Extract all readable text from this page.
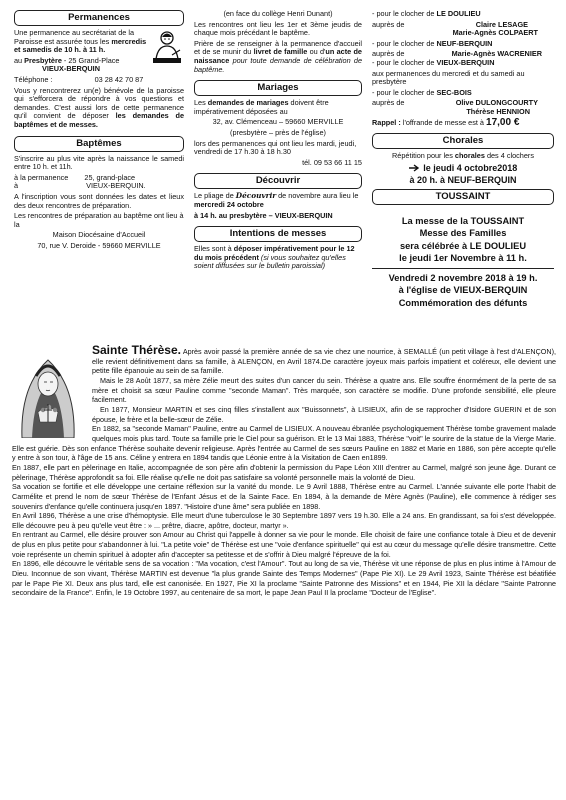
Permanences

Une permanence au secrétariat de la Paroisse est assurée tous les mercredis et samedis de 10 h. à 11 h.

au Presbytère - 25 Grand-Place
VIEUX-BERQUIN

Téléphone :	03 28 42 70 87

Vous y rencontrerez un(e) bénévole de la paroisse qui s'efforcera de répondre à vos questions et demandes. C'est aussi lors de cette permanence qu'il convient de déposer les demandes de baptêmes et de messes.

Baptêmes

S'inscrire au plus vite après la naissance le samedi entre 10 h. et 11h.

à la permanence 25, grand-place
à	VIEUX-BERQUIN.

A l'inscription vous sont données les dates et lieux des deux rencontres de préparation.

Les rencontres de préparation au baptême ont lieu à la

Maison Diocésaine d'Accueil

70, rue V. Deroide - 59660 MERVILLE

(en face du collège Henri Dunant)

Les rencontres ont lieu les 1er et 3ème jeudis de chaque mois précédant le baptême.

Prière de se renseigner à la permanence d'accueil et de se munir du livret de famille ou d'un acte de naissance pour toute demande de célébration de baptême.

Mariages

Les demandes de mariages doivent être impérativement déposées au

32, av. Clémenceau – 59660 MERVILLE

(presbytère – près de l'église)

lors des permanences qui ont lieu les mardi, jeudi, vendredi de 17 h.30 à 18 h.30

tél. 09 53 66 11 15

Découvrir

Le pliage de Découvrir de novembre aura lieu le mercredi 24 octobre

à 14 h. au presbytère – VIEUX-BERQUIN

Intentions de messes

Elles sont à déposer impérativement pour le 12 du mois précédent (si vous souhaitez qu'elles soient diffusées sur le bulletin paroissial)

- pour le clocher de LE DOULIEU

auprès de	Claire LESAGE

Marie-Agnès COLPAERT

- pour le clocher de NEUF-BERQUIN

auprès de	Marie-Agnès WACRENIER

- pour le clocher de VIEUX-BERQUIN

aux permanences du mercredi et du samedi au presbytère

- pour le clocher de SEC-BOIS

auprès de	Olive DULONGCOURTY

Thérèse HENNION

Rappel : l'offrande de messe est à 17,00 €

Chorales

Répétition pour les chorales des 4 clochers

le jeudi 4 octobre2018

à 20 h. à NEUF-BERQUIN

TOUSSAINT

La messe de la TOUSSAINT

Messe des Familles

sera célébrée à LE DOULIEU

le jeudi 1er Novembre à 11 h.

Vendredi 2 novembre 2018 à 19 h.

à l'église de VIEUX-BERQUIN

Commémoration des défunts

Sainte Thérèse. Après avoir passé la première année de sa vie chez une nourrice, à SEMALLÉ (un petit village à l'est d'ALENÇON), elle revient définitivement dans sa famille, à ALENÇON, en Avril 1874.De caractère joyeux mais parfois impatient et coléreux, elle devient une petite fille épanouie au sein de sa famille.

Mais le 28 Août 1877, sa mère Zélie meurt des suites d'un cancer du sein. Thérèse a quatre ans. Elle souffre énormément de la perte de sa mère et choisit sa sœur Pauline comme "seconde Maman". Très marquée, son caractère se modifie. D'une profonde sensibilité, elle pleure facilement.

En 1877, Monsieur MARTIN et ses cinq filles s'installent aux "Buissonnets", à LISIEUX, afin de se rapprocher d'Isidore GUERIN et de son épouse, le frère et la belle-sœur de Zélie.

En 1882, sa "seconde Maman" Pauline, entre au Carmel de LISIEUX. A nouveau ébranlée psychologiquement Thérèse tombe gravement malade quelques mois plus tard. Toute sa famille prie le Ciel pour sa guérison. Et le 13 Mai 1883, Thérèse "voit" le sourire de la statue de la Vierge Marie. Elle est guérie. Dès son enfance Thérèse souhaite devenir religieuse. Après l'entrée au Carmel de ses sœurs Pauline en 1882 et Marie en 1886, son père accepte qu'elle y entre à son tour, à l'âge de 15 ans. Céline y entrera en 1894 tandis que Léonie entre à la Visitation de Caen en1899.

En 1887, elle part en pèlerinage en Italie, accompagnée de son père afin d'obtenir la permission du Pape Léon XIII d'entrer au Carmel, malgré son jeune âge. Durant ce pèlerinage, Thérèse approfondit sa foi. Elle réalise qu'elle ne doit pas satisfaire sa volonté personnelle mais la volonté de Dieu.

Sa vocation se fortifie et elle développe une certaine réflexion sur la vanité du monde. Le 9 Avril 1888, Thérèse entre au Carmel. L'année suivante elle porte l'habit de Carmélite et prend le nom de sœur Thérèse de l'Enfant Jésus et de la Sainte Face. En 1894, à la demande de Mère Agnès (Pauline), elle commence à rédiger ses souvenirs d'enfance qu'elle continuera jusqu'en 1897. "Histoire d'une âme" sera publiée en 1898.

En Avril 1896, Thérèse a une crise d'hémoptysie. Elle meurt d'une tuberculose le 30 Septembre 1897 vers 19 h.30. Elle a 24 ans. En grandissant, sa foi s'est développée. Elle découvre peu à peu qu'elle veut être : » ... prêtre, diacre, apôtre, docteur, martyr ».

En rentrant au Carmel, elle désire prouver son Amour au Christ qui l'appelle à donner sa vie pour le monde. Elle choisit de faire une confiance totale à Dieu et de devenir de plus en plus petite pour s'abandonner à lui. "La petite voie" de Thérèse est une "voie d'enfance spirituelle" qui est au cœur du message qu'elle désire transmettre. Cette voie représente un chemin spirituel à adopter afin d'accepter sa petitesse et de s'offrir à Dieu malgré l'épreuve de la foi.

En 1896, elle découvre le véritable sens de sa vocation : "Ma vocation, c'est l'Amour". Tout au long de sa vie, Thérèse vit une réponse de plus en plus intime à l'Amour de Dieu. Inconnue de son vivant, Thérèse MARTIN est devenue "la plus grande Sainte des Temps Modernes" (Pape Pie XI). Le 29 Avril 1923, Sainte Thérèse est béatifiée par le Pape Pie XI. Deux ans plus tard, elle est canonisée. En 1927, Pie XI la proclame "Sainte Patronne des Missions" et en 1944, Pie XII la déclare "Sainte Patronne secondaire de la France". Enfin, le 19 Octobre 1997, au centenaire de sa mort, le pape Jean Paul II la proclame "Docteur de l'Eglise".
